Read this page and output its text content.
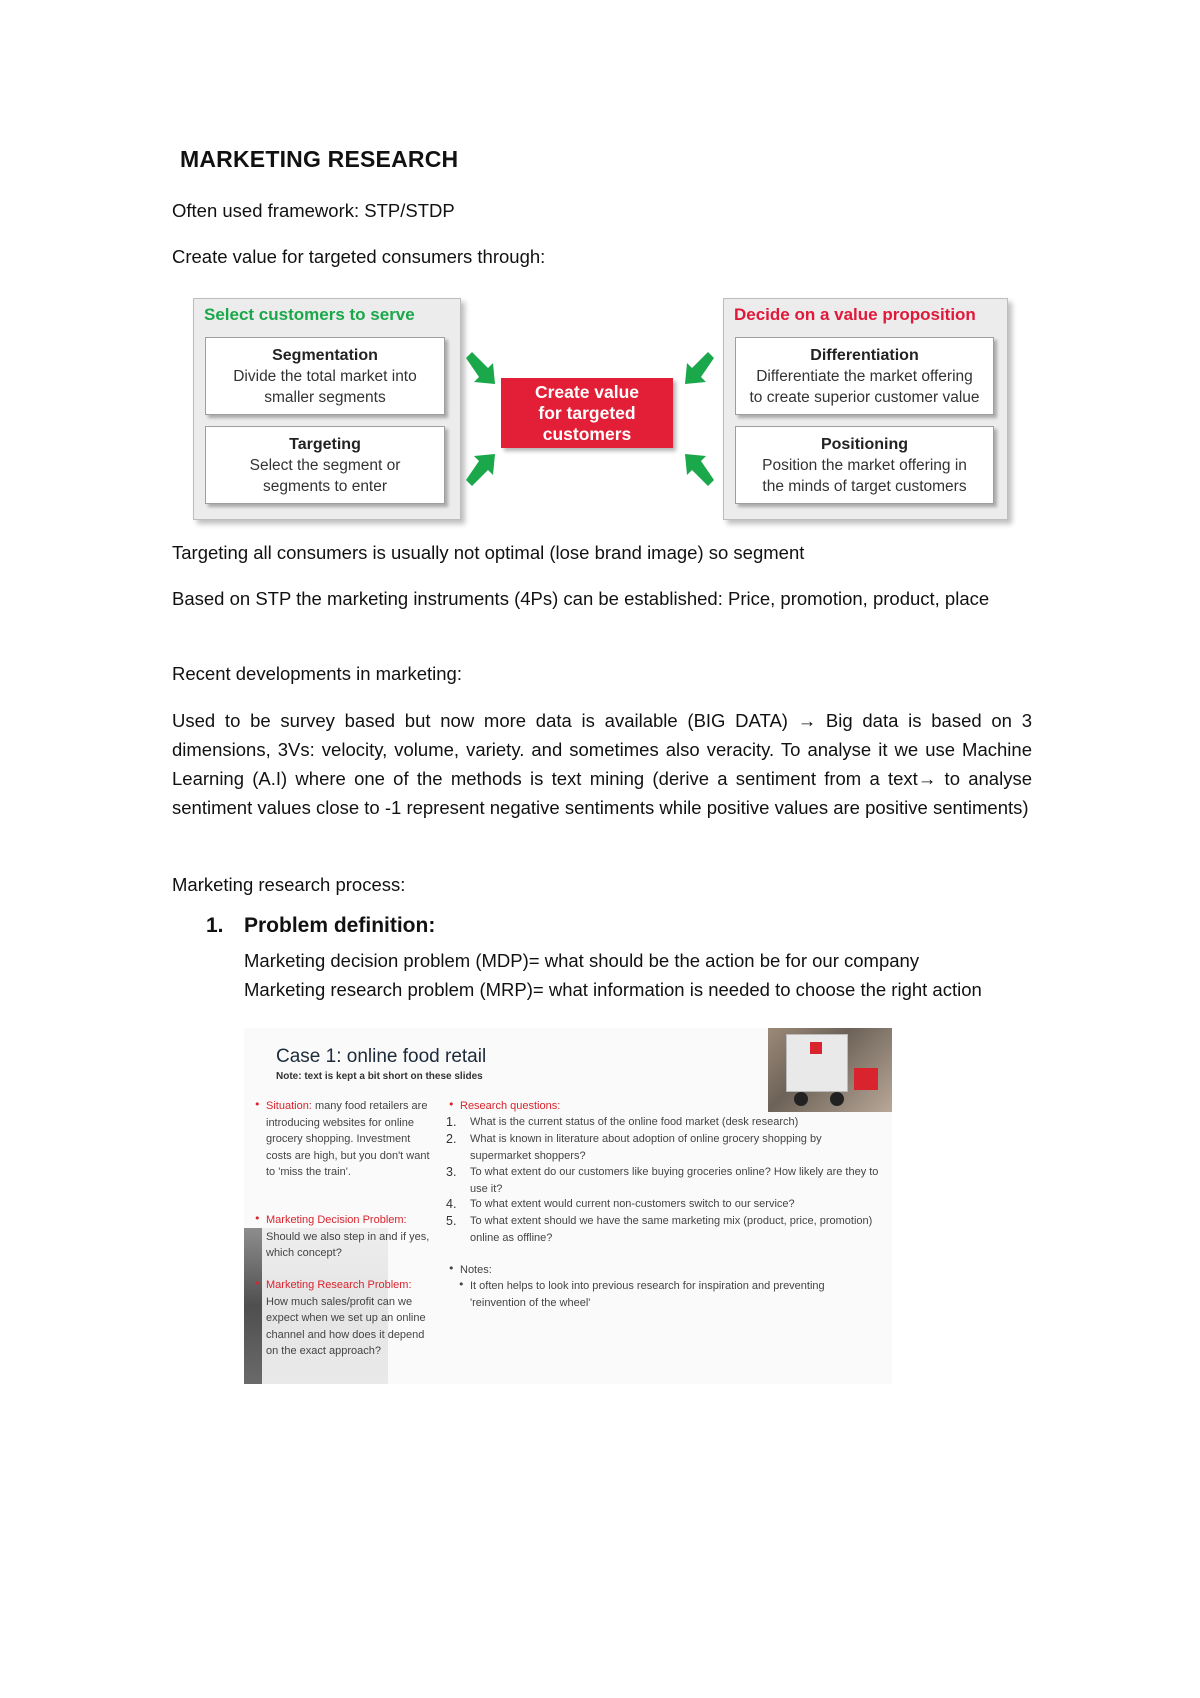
MARKETING RESEARCH
Often used framework: STP/STDP
Create value for targeted consumers through:
Select customers to serve
Segmentation
Divide the total market into
smaller segments
Targeting
Select the segment or
segments to enter
Create value
for targeted
customers
Decide on a value proposition
Differentiation
Differentiate the market offering
to create superior customer value
Positioning
Position the market offering in
the minds of target customers
Targeting all consumers is usually not optimal (lose brand image) so segment
Based on STP the marketing instruments (4Ps) can be established: Price, promotion, product, place
Recent developments in marketing:
Used to be survey based but now more data is available (BIG DATA) → Big data is based on 3 dimensions, 3Vs: velocity, volume, variety. and sometimes also veracity. To analyse it we use Machine Learning (A.I) where one of the methods is text mining (derive a sentiment from a text→ to analyse sentiment values close to -1 represent negative sentiments while positive values are positive sentiments)
Marketing research process:
1. Problem definition:
Marketing decision problem (MDP)= what should be the action be for our company
Marketing research problem (MRP)= what information is needed to choose the right action
Case 1: online food retail
Note: text is kept a bit short on these slides
• Situation: many food retailers are introducing websites for online grocery shopping. Investment costs are high, but you don't want to 'miss the train'.
• Marketing Decision Problem: Should we also step in and if yes, which concept?
• Marketing Research Problem: How much sales/profit can we expect when we set up an online channel and how does it depend on the exact approach?
• Research questions:
1. What is the current status of the online food market (desk research)
2. What is known in literature about adoption of online grocery shopping by supermarket shoppers?
3. To what extent do our customers like buying groceries online? How likely are they to use it?
4. To what extent would current non-customers switch to our service?
5. To what extent should we have the same marketing mix (product, price, promotion) online as offline?
• Notes:
• It often helps to look into previous research for inspiration and preventing 'reinvention of the wheel'
